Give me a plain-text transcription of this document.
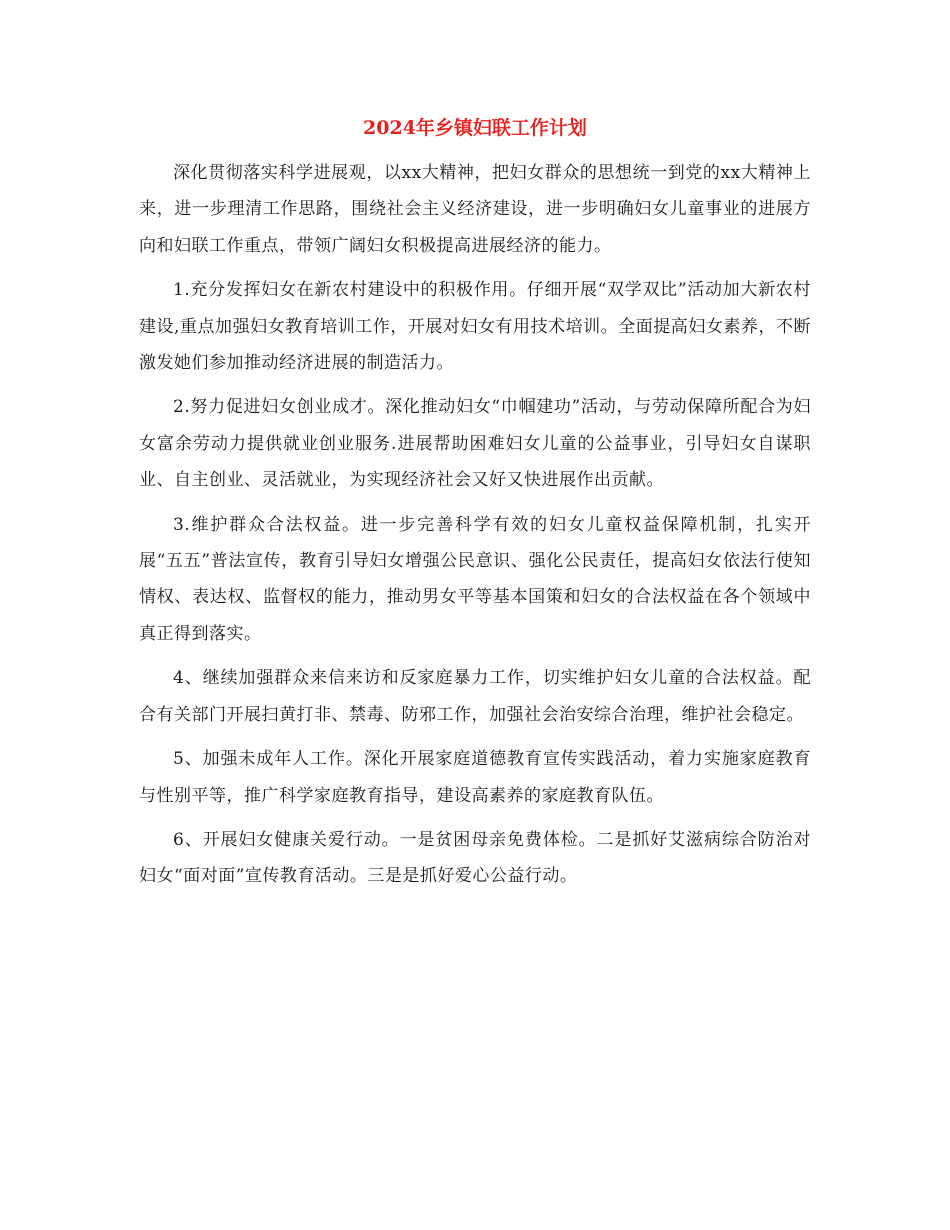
2024年乡镇妇联工作计划

深化贯彻落实科学进展观，以xx大精神，把妇女群众的思想统一到党的xx大精神上来，进一步理清工作思路，围绕社会主义经济建设，进一步明确妇女儿童事业的进展方向和妇联工作重点，带领广阔妇女积极提高进展经济的能力。

1.充分发挥妇女在新农村建设中的积极作用。仔细开展“双学双比”活动加大新农村建设,重点加强妇女教育培训工作，开展对妇女有用技术培训。全面提高妇女素养，不断激发她们参加推动经济进展的制造活力。

2.努力促进妇女创业成才。深化推动妇女“巾帼建功”活动，与劳动保障所配合为妇女富余劳动力提供就业创业服务.进展帮助困难妇女儿童的公益事业，引导妇女自谋职业、自主创业、灵活就业，为实现经济社会又好又快进展作出贡献。

3.维护群众合法权益。进一步完善科学有效的妇女儿童权益保障机制，扎实开展“五五”普法宣传，教育引导妇女增强公民意识、强化公民责任，提高妇女依法行使知情权、表达权、监督权的能力，推动男女平等基本国策和妇女的合法权益在各个领域中真正得到落实。

4、继续加强群众来信来访和反家庭暴力工作，切实维护妇女儿童的合法权益。配合有关部门开展扫黄打非、禁毒、防邪工作，加强社会治安综合治理，维护社会稳定。

5、加强未成年人工作。深化开展家庭道德教育宣传实践活动，着力实施家庭教育与性别平等，推广科学家庭教育指导，建设高素养的家庭教育队伍。

6、开展妇女健康关爱行动。一是贫困母亲免费体检。二是抓好艾滋病综合防治对妇女“面对面”宣传教育活动。三是是抓好爱心公益行动。
